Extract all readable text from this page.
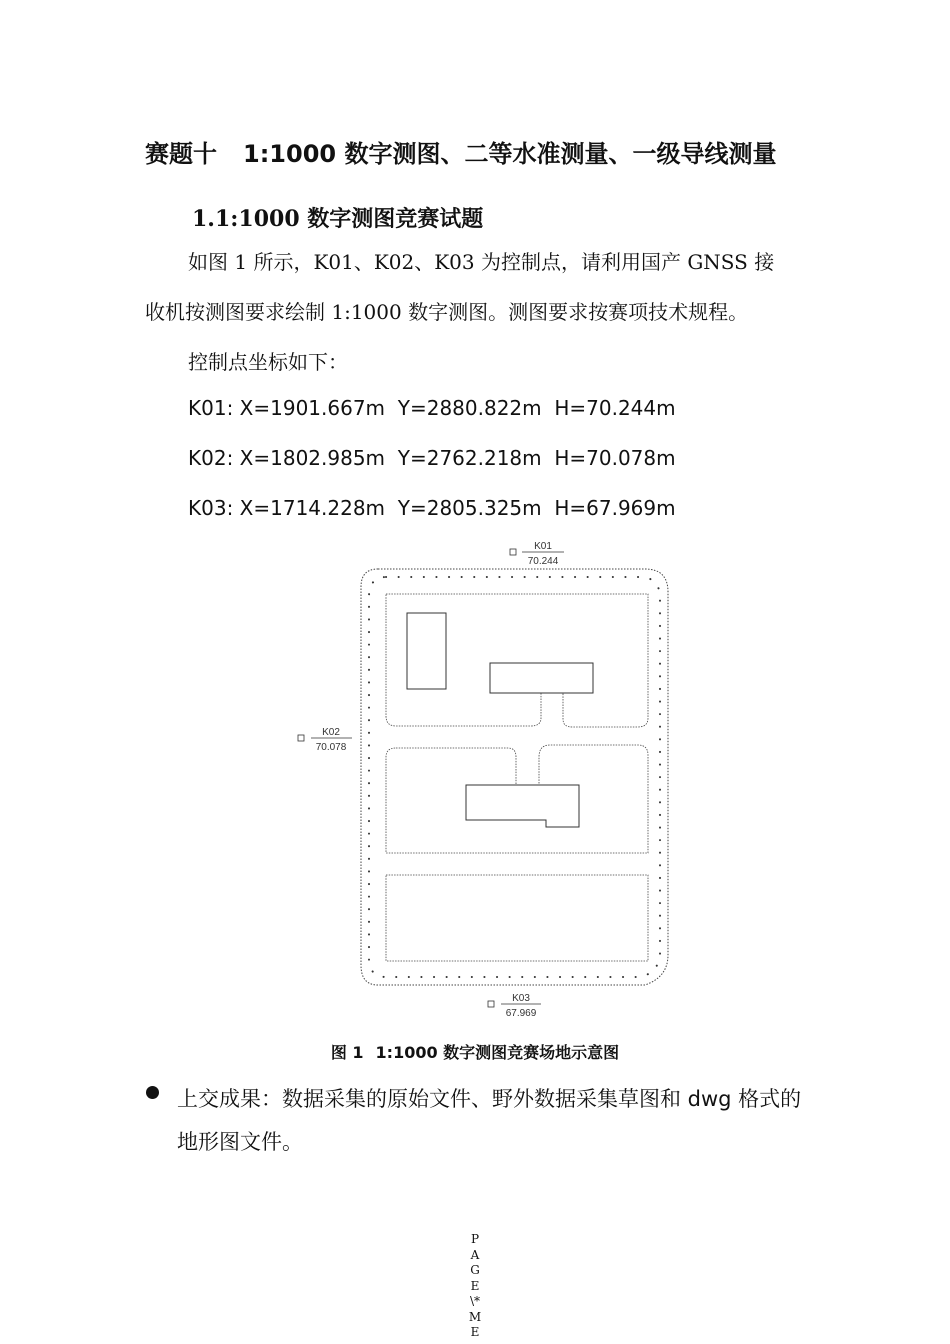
赛题十 1:1000 数字测图、二等水准测量、一级导线测量
1.1:1000 数字测图竞赛试题
如图 1 所示，K01、K02、K03 为控制点，请利用国产 GNSS 接
收机按测图要求绘制 1:1000 数字测图。测图要求按赛项技术规程。
控制点坐标如下：
K01: X=1901.667m  Y=2880.822m  H=70.244m
K02: X=1802.985m  Y=2762.218m  H=70.078m
K03: X=1714.228m  Y=2805.325m  H=67.969m
K01
70.244
K02
70.078
K03
67.969
图 1 1:1000 数字测图竞赛场地示意图
上交成果：数据采集的原始文件、野外数据采集草图和 dwg 格式的地形图文件。
P
A
G
E
\*
M
E
